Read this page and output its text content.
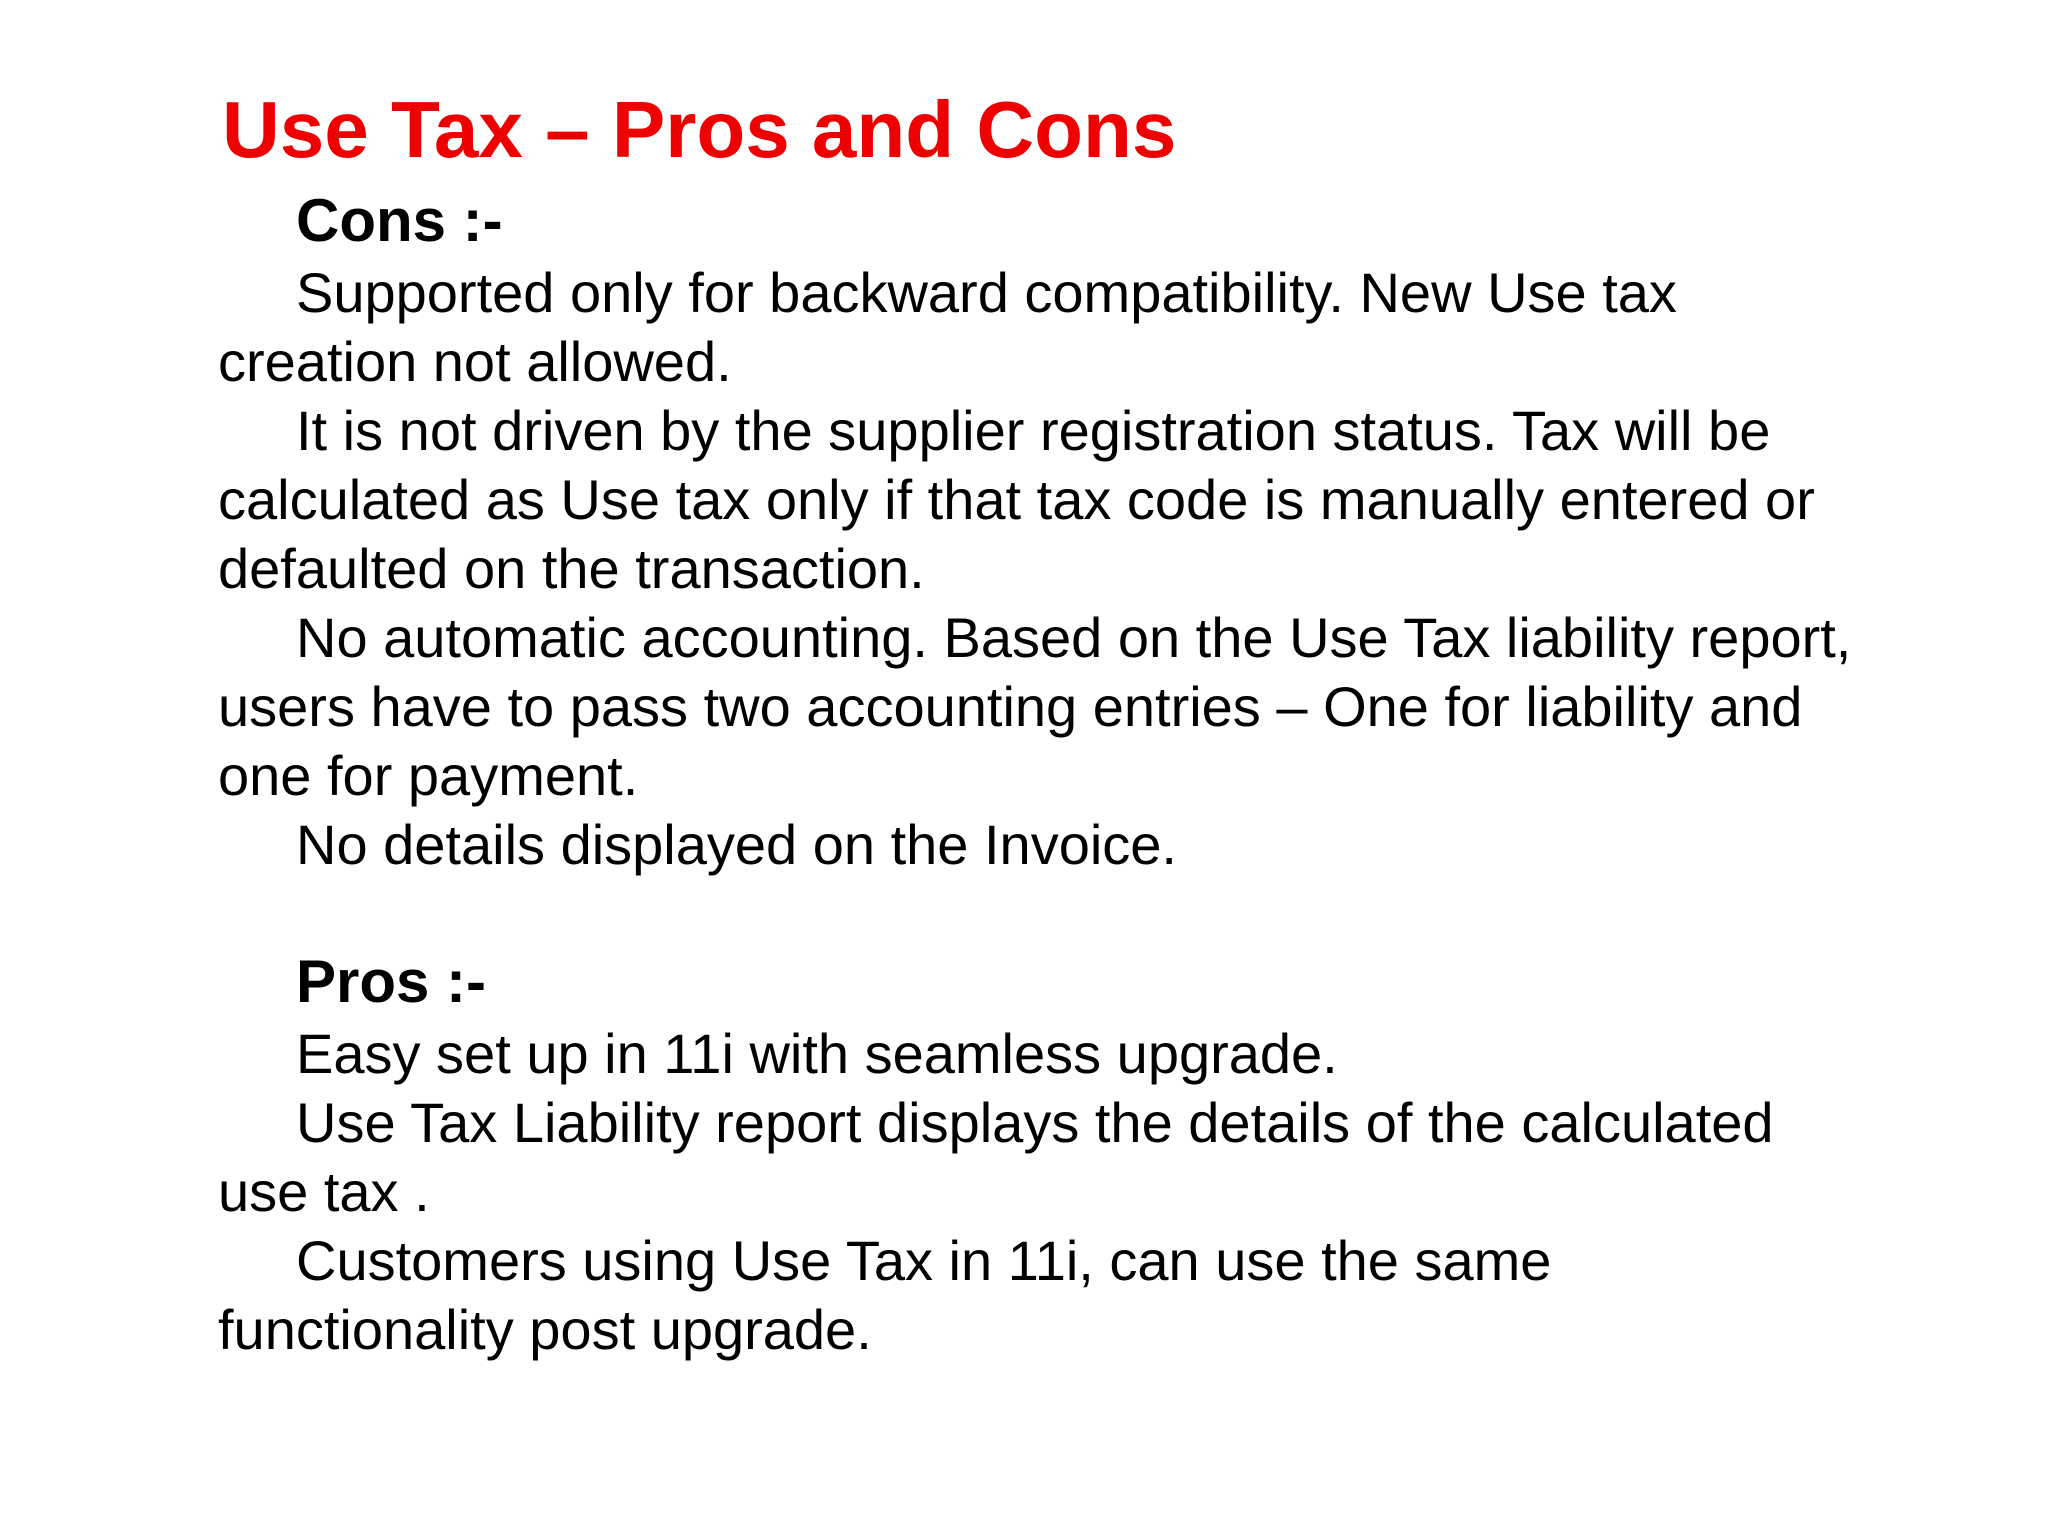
Use Tax – Pros and Cons
Cons :-
Supported only for backward compatibility. New Use tax creation not allowed.
It is not driven by the supplier registration status. Tax will be calculated as Use tax only if that tax code is manually entered or defaulted on the transaction.
No automatic accounting. Based on the Use Tax liability report, users have to pass two accounting entries – One for liability and one for payment.
No details displayed on the Invoice.
Pros :-
Easy set up in 11i with seamless upgrade.
Use Tax Liability report displays the details of the calculated use tax .
Customers using Use Tax in 11i, can use the same functionality post upgrade.
